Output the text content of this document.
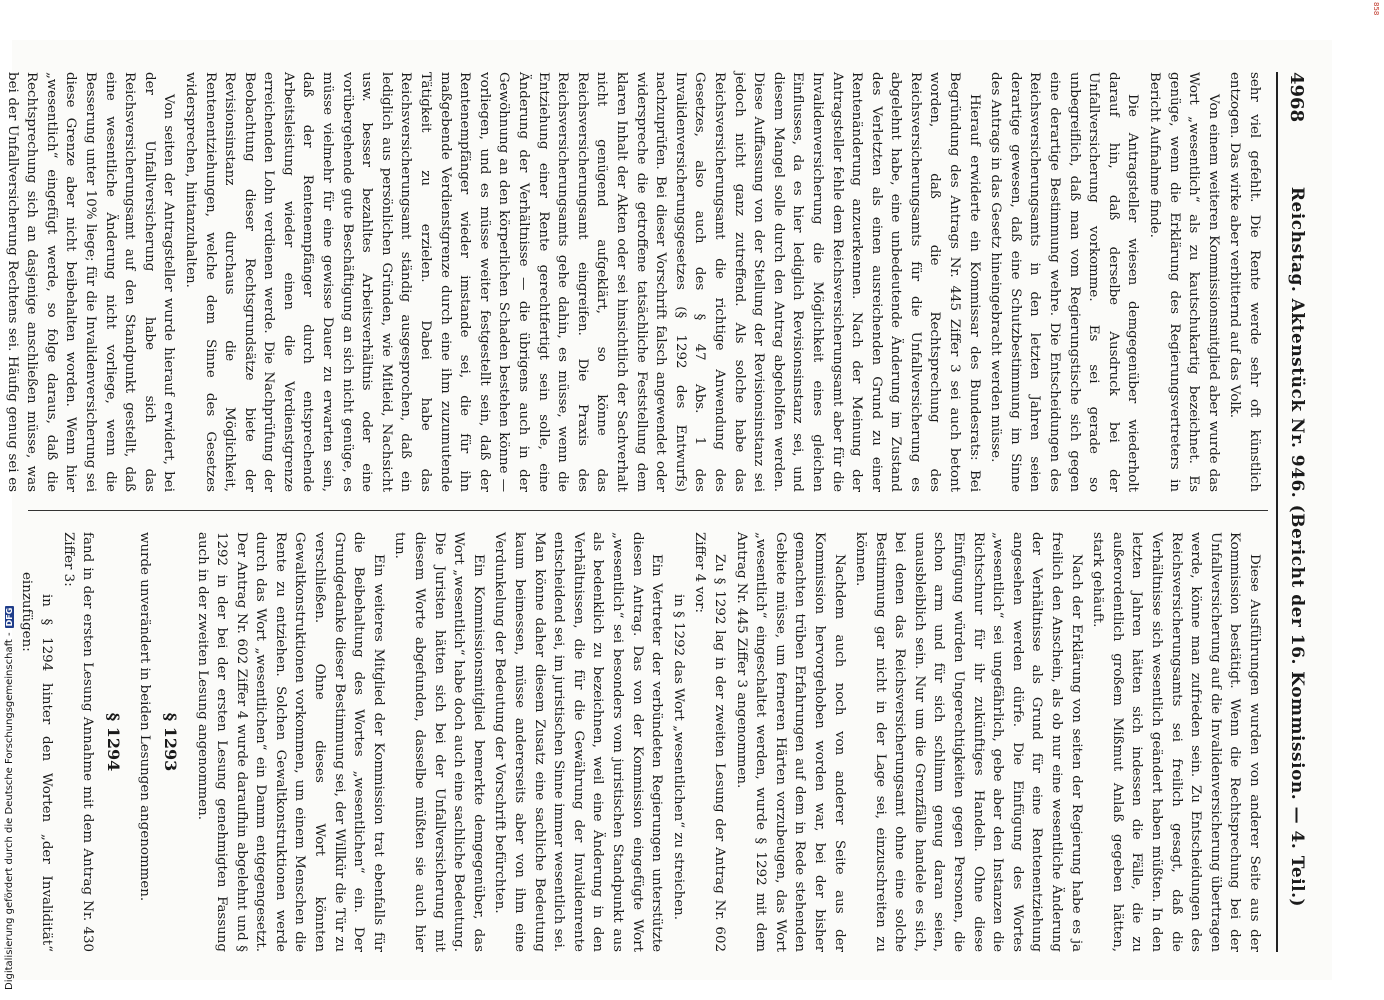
4968
Reichstag. Aktenstück Nr. 946. (Bericht der 16. Kommission. — 4. Teil.)

sehr viel gefehlt. Die Rente werde sehr oft künstlich entzogen. Das wirke aber verbitternd auf das Volk.

Von einem weiteren Kommissionsmitglied aber wurde das Wort „wesentlich“ als zu kautschukartig bezeichnet. Es genüge, wenn die Erklärung des Regierungsvertreters in Bericht Aufnahme finde.

Die Antragsteller wiesen demgegenüber wiederholt darauf hin, daß derselbe Ausdruck bei der Unfallversicherung vorkomme. Es sei gerade so unbegreiflich, daß man vom Regierungstische sich gegen eine derartige Bestimmung wehre. Die Entscheidungen des Reichsversicherungsamts in den letzten Jahren seien derartige gewesen, daß eine Schutzbestimmung im Sinne des Antrags in das Gesetz hineingebracht werden müsse.

Hierauf erwiderte ein Kommissar des Bundesrats: Bei Begründung des Antrags Nr. 445 Ziffer 3 sei auch betont worden, daß die Rechtsprechung des Reichsversicherungsamts für die Unfallversicherung es abgelehnt habe, eine unbedeutende Änderung im Zustand des Verletzten als einen ausreichenden Grund zu einer Rentenänderung anzuerkennen. Nach der Meinung der Antragsteller fehle dem Reichsversicherungsamt aber für die Invalidenversicherung die Möglichkeit eines gleichen Einflusses, da es hier lediglich Revisionsinstanz sei, und diesem Mangel solle durch den Antrag abgeholfen werden. Diese Auffassung von der Stellung der Revisionsinstanz sei jedoch nicht ganz zutreffend. Als solche habe das Reichsversicherungsamt die richtige Anwendung des Gesetzes, also auch des § 47 Abs. 1 des Invalidenversicherungsgesetzes (§ 1292 des Entwurfs) nachzuprüfen. Bei dieser Vorschrift falsch angewendet oder widerspreche die getroffene tatsächliche Feststellung dem klaren Inhalt der Akten oder sei hinsichtlich der Sachverhalt nicht genügend aufgeklärt, so könne das Reichsversicherungsamt eingreifen. Die Praxis des Reichsversicherungsamts gehe dahin, es müsse, wenn die Entziehung einer Rente gerechtfertigt sein solle, eine Änderung der Verhältnisse — die übrigens auch in der Gewöhnung an den körperlichen Schaden bestehen könne — vorliegen, und es müsse weiter festgestellt sein, daß der Rentenempfänger wieder imstande sei, die für ihn maßgebende Verdienstgrenze durch eine ihm zuzumutende Tätigkeit zu erzielen. Dabei habe das Reichsversicherungsamt ständig ausgesprochen, daß ein lediglich aus persönlichen Gründen, wie Mitleid, Nachsicht usw. besser bezahltes Arbeitsverhältnis oder eine vorübergehende gute Beschäftigung an sich nicht genüge, es müsse vielmehr für eine gewisse Dauer zu erwarten sein, daß der Rentenempfänger durch entsprechende Arbeitsleistung wieder einen die Verdienstgrenze erreichenden Lohn verdienen werde. Die Nachprüfung der Beobachtung dieser Rechtsgrundsätze biete der Revisionsinstanz durchaus die Möglichkeit, Rentenentziehungen, welche dem Sinne des Gesetzes widersprechen, hintanzuhalten.

Von seiten der Antragsteller wurde hierauf erwidert, bei der Unfallversicherung habe sich das Reichsversicherungsamt auf den Standpunkt gestellt, daß eine wesentliche Änderung nicht vorliege, wenn die Besserung unter 10% liege; für die Invalidenversicherung sei diese Grenze aber nicht beibehalten worden. Wenn hier „wesentlich“ eingefügt werde, so folge daraus, daß die Rechtsprechung sich an dasjenige anschließen müsse, was bei der Unfallversicherung Rechtens sei. Häufig genug sei es

Diese Ausführungen wurden von anderer Seite aus der Kommission bestätigt. Wenn die Rechtsprechung bei der Unfallversicherung auf die Invalidenversicherung übertragen werde, könne man zufrieden sein. Zu Entscheidungen des Reichsversicherungsamts sei freilich gesagt, daß die Verhältnisse sich wesentlich geändert haben müßten. In den letzten Jahren hätten sich indessen die Fälle, die zu außerordentlich großem Mißmut Anlaß gegeben hätten, stark gehäuft.

Nach der Erklärung von seiten der Regierung habe es ja freilich den Anschein, als ob nur eine wesentliche Änderung der Verhältnisse als Grund für eine Rentenentziehung angesehen werden dürfe. Die Einfügung des Wortes „wesentlich“ sei ungefährlich, gebe aber den Instanzen die Richtschnur für ihr zukünftiges Handeln. Ohne diese Einfügung würden Ungerechtigkeiten gegen Personen, die schon arm und für sich schlimm genug daran seien, unausbleiblich sein. Nur um die Grenzfälle handele es sich, bei denen das Reichsversicherungsamt ohne eine solche Bestimmung gar nicht in der Lage sei, einzuschreiten zu können.

Nachdem auch noch von anderer Seite aus der Kommission hervorgehoben worden war, bei der bisher gemachten trüben Erfahrungen auf dem in Rede stehenden Gebiete müsse, um ferneren Härten vorzubeugen, das Wort „wesentlich“ eingeschaltet werden, wurde § 1292 mit dem Antrag Nr. 445 Ziffer 3 angenommen.

Zu § 1292 lag in der zweiten Lesung der Antrag Nr. 602 Ziffer 4 vor:

in § 1292 das Wort „wesentlichen“ zu streichen.

Ein Vertreter der verbündeten Regierungen unterstützte diesen Antrag. Das von der Kommission eingefügte Wort „wesentlich“ sei besonders vom juristischen Standpunkt aus als bedenklich zu bezeichnen, weil eine Änderung in den Verhältnissen, die für die Gewährung der Invalidenrente entscheidend sei, im juristischen Sinne immer wesentlich sei. Man könne daher diesem Zusatz eine sachliche Bedeutung kaum beimessen, müsse andererseits aber von ihm eine Verdunkelung der Bedeutung der Vorschrift befürchten.

Ein Kommissionsmitglied bemerkte demgegenüber, das Wort „wesentlich“ habe doch auch eine sachliche Bedeutung. Die Juristen hätten sich bei der Unfallversicherung mit diesem Worte abgefunden, dasselbe müßten sie auch hier tun.

Ein weiteres Mitglied der Kommission trat ebenfalls für die Beibehaltung des Wortes „wesentlichen“ ein. Der Grundgedanke dieser Bestimmung sei, der Willkür die Tür zu verschließen. Ohne dieses Wort könnten Gewaltkonstruktionen vorkommen, um einem Menschen die Rente zu entziehen. Solchen Gewaltkonstruktionen werde durch das Wort „wesentlichen“ ein Damm entgegengesetzt. Der Antrag Nr. 602 Ziffer 4 wurde daraufhin abgelehnt und § 1292 in der bei der ersten Lesung genehmigten Fassung auch in der zweiten Lesung angenommen.

§ 1293

wurde unverändert in beiden Lesungen angenommen.

§ 1294

fand in der ersten Lesung Annahme mit dem Antrag Nr. 430 Ziffer 3:

in § 1294 hinter den Worten „der Invalidität“ einzufügen:

Digitalisierung gefördert durch die Deutsche Forschungsgemeinschaft -
DFG
858
